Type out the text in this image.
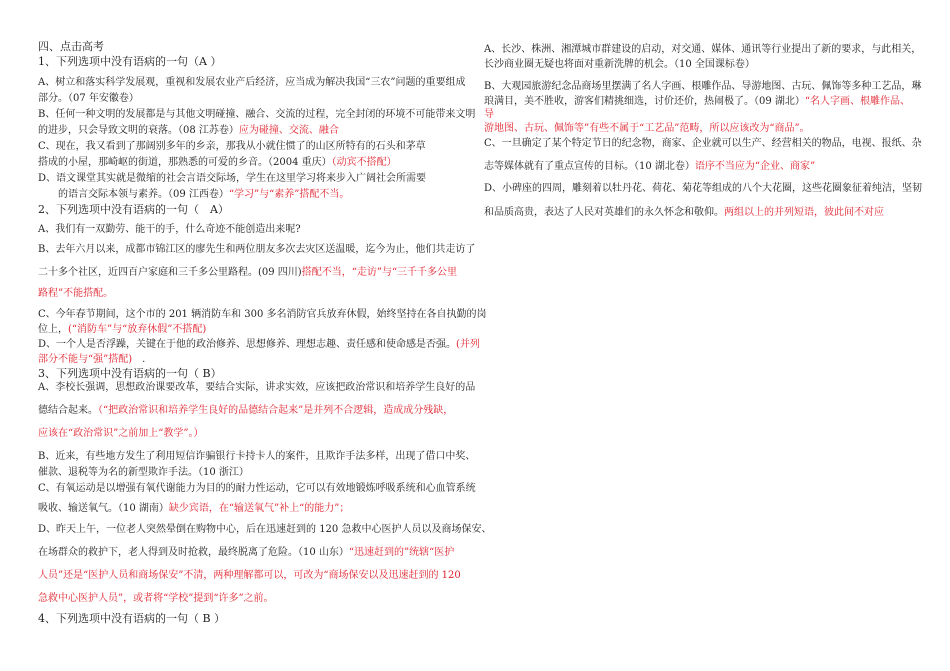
四、点击高考
1、下列选项中没有语病的一句（A ）
A、树立和落实科学发展观，重视和发展农业产后经济，应当成为解决我国“三农”问题的重要组成
部分。（07 年安徽卷）
B、任何一种文明的发展都是与其他文明碰撞、融合、交流的过程，完全封闭的环境不可能带来文明
的进步，只会导致文明的衰落。（08 江苏卷）应为碰撞、交流、融合
C、现在，我又看到了那阔别多年的乡亲，那我从小就住惯了的山区所特有的石头和茅草
搭成的小屋，那崎岖的街道，那熟悉的可爱的乡音。（2004 重庆）（动宾不搭配）
D、语文课堂其实就是微缩的社会言语交际场，学生在这里学习将来步入广阔社会所需要
　　的语言交际本领与素养。（09 江西卷）“学习”与“素养”搭配不当。
2、下列选项中没有语病的一句（　A）
A、我们有一双勤劳、能干的手，什么奇迹不能创造出来呢?
B、去年六月以来，成都市锦江区的廖先生和两位朋友多次去灾区送温暖，迄今为止，他们共走访了
二十多个社区，近四百户家庭和三千多公里路程。(09 四川)搭配不当，“走访”与“三千千多公里
路程”不能搭配。
C、今年春节期间，这个市的 201 辆消防车和 300 多名消防官兵放弃休假，始终坚持在各自执勤的岗
位上，(“消防车”与“放弃休假”不搭配)
D、一个人是否浮躁，关键在于他的政治修养、思想修养、理想志趣、责任感和使命感是否强。(并列
部分不能与“强”搭配)　.
3、下列选项中没有语病的一句（ B）
A、李校长强调，思想政治课要改革，要结合实际，讲求实效，应该把政治常识和培养学生良好的品
德结合起来。（“把政治常识和培养学生良好的品德结合起来”是并列不合逻辑，造成成分残缺，
应该在“政治常识”之前加上“教学”。）
B、近来，有些地方发生了利用短信诈骗银行卡持卡人的案件，且欺诈手法多样，出现了借口中奖、
催款、退税等为名的新型欺诈手法。（10 浙江）
C、有氧运动是以增强有氧代谢能力为目的的耐力性运动，它可以有效地锻炼呼吸系统和心血管系统
吸收、输送氧气。（10 湖南）缺少宾语，在“输送氧气”补上“的能力”；
D、昨天上午，一位老人突然晕倒在购物中心，后在迅速赶到的 120 急救中心医护人员以及商场保安、
在场群众的救护下，老人得到及时抢救，最终脱离了危险。（10 山东）“迅速赶到的”统辖“医护
人员”还是“医护人员和商场保安”不清，两种理解都可以，可改为“商场保安以及迅速赶到的 120
急救中心医护人员”，或者将“学校”提到“许多”之前。
4、下列选项中没有语病的一句（ B ）
A、长沙、株洲、湘潭城市群建设的启动，对交通、媒体、通讯等行业提出了新的要求，与此相关，
长沙商业圈无疑也将面对重新洗牌的机会。（10 全国课标卷）
B、大观园旅游纪念品商场里摆满了名人字画、根雕作品、导游地图、古玩、佩饰等多种工艺品，琳
琅满目，美不胜收，游客们精挑细选，讨价还价，热闹极了。（09 湖北）“名人字画、根雕作品、
导
游地图、古玩、佩饰等”有些不属于“工艺品”范畴，所以应该改为“商品”。
C、一旦确定了某个特定节日的纪念物，商家、企业就可以生产、经营相关的物品，电视、报纸、杂
志等媒体就有了重点宣传的目标。（10 湖北卷）语序不当应为“企业、商家”
D、小碑座的四周，雕刻着以牡丹花、荷花、菊花等组成的八个大花圈，这些花圈象征着纯洁，坚韧
和品质高贵，表达了人民对英雄们的永久怀念和敬仰。两组以上的并列短语，彼此间不对应
